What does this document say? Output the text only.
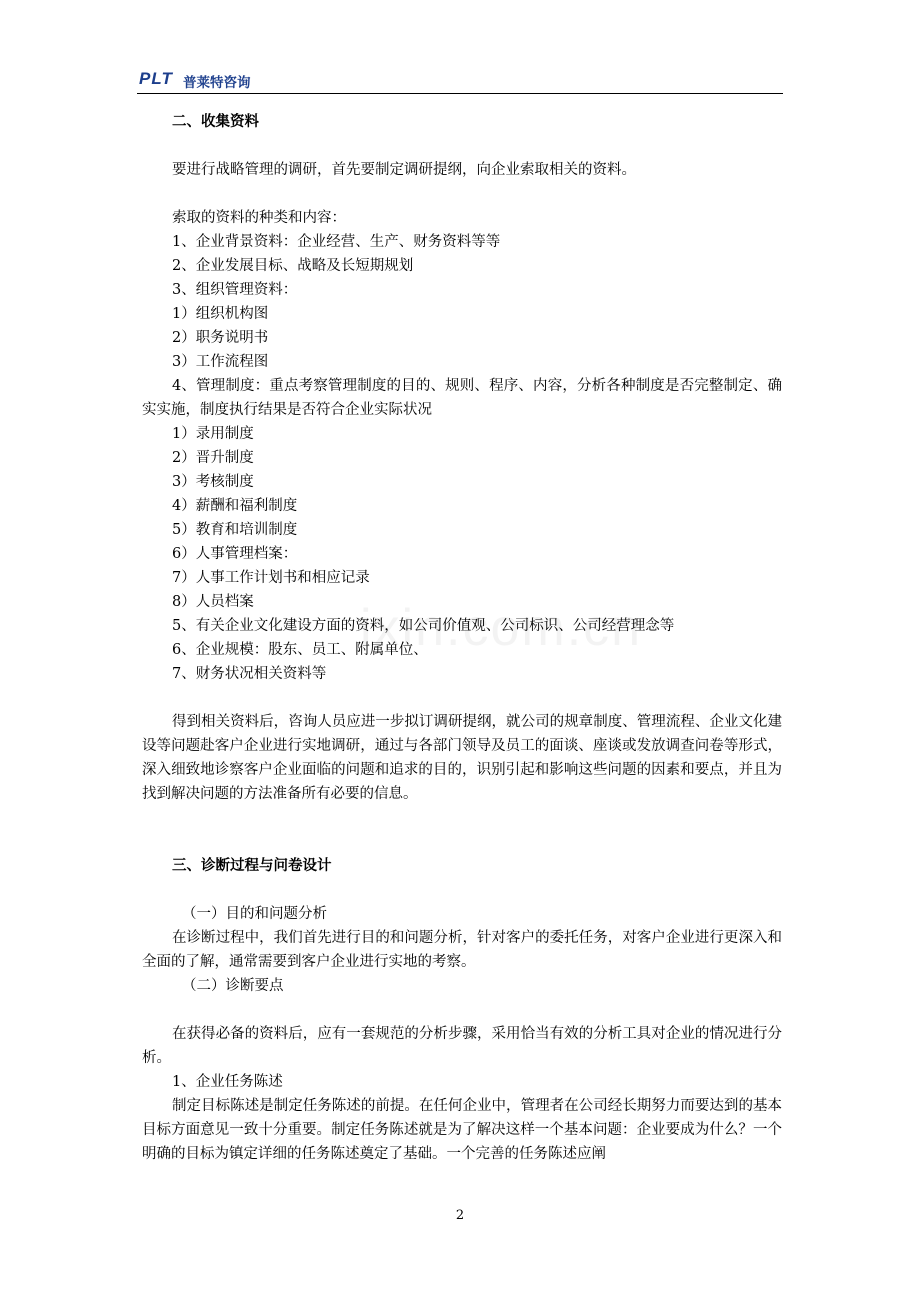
PLT 普莱特咨询

二、收集资料

要进行战略管理的调研，首先要制定调研提纲，向企业索取相关的资料。

索取的资料的种类和内容：

1、企业背景资料：企业经营、生产、财务资料等等

2、企业发展目标、战略及长短期规划

3、组织管理资料：

1）组织机构图

2）职务说明书

3）工作流程图

4、管理制度：重点考察管理制度的目的、规则、程序、内容，分析各种制度是否完整制定、确实实施，制度执行结果是否符合企业实际状况

1）录用制度

2）晋升制度

3）考核制度

4）薪酬和福利制度

5）教育和培训制度

6）人事管理档案：

7）人事工作计划书和相应记录

8）人员档案

5、有关企业文化建设方面的资料，如公司价值观、公司标识、公司经营理念等

6、企业规模：股东、员工、附属单位、

7、财务状况相关资料等

得到相关资料后，咨询人员应进一步拟订调研提纲，就公司的规章制度、管理流程、企业文化建设等问题赴客户企业进行实地调研，通过与各部门领导及员工的面谈、座谈或发放调查问卷等形式，深入细致地诊察客户企业面临的问题和追求的目的，识别引起和影响这些问题的因素和要点，并且为找到解决问题的方法准备所有必要的信息。

三、诊断过程与问卷设计

（一）目的和问题分析

在诊断过程中，我们首先进行目的和问题分析，针对客户的委托任务，对客户企业进行更深入和全面的了解，通常需要到客户企业进行实地的考察。

（二）诊断要点

在获得必备的资料后，应有一套规范的分析步骤，采用恰当有效的分析工具对企业的情况进行分析。

1、企业任务陈述

制定目标陈述是制定任务陈述的前提。在任何企业中，管理者在公司经长期努力而要达到的基本目标方面意见一致十分重要。制定任务陈述就是为了解决这样一个基本问题：企业要成为什么？一个明确的目标为镇定详细的任务陈述奠定了基础。一个完善的任务陈述应阐

2
